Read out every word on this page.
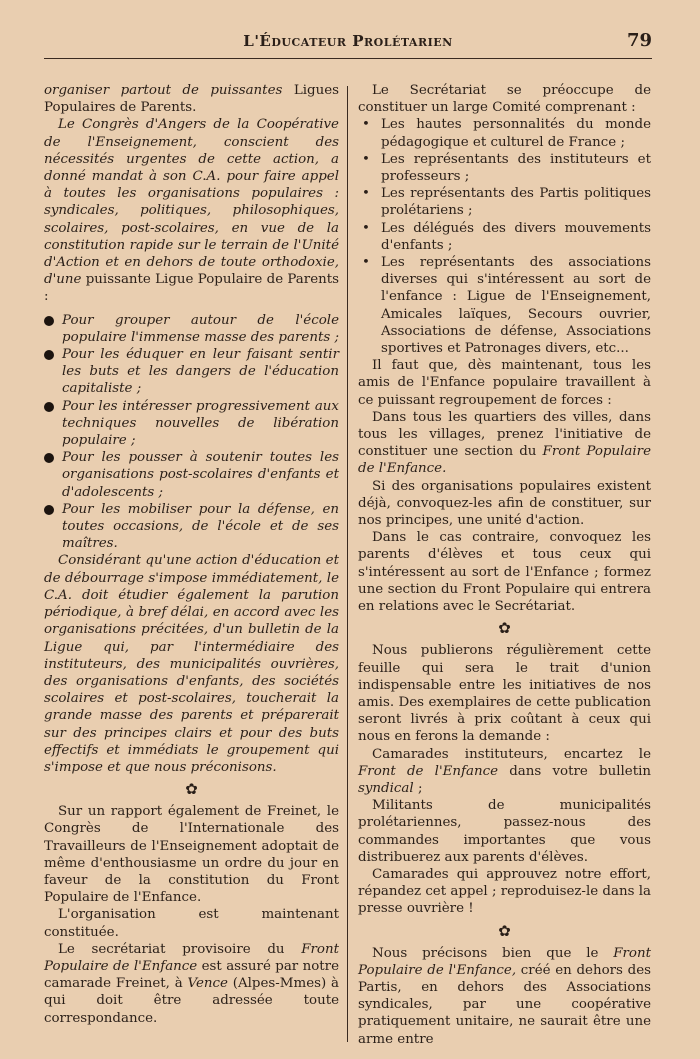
L'Éducateur Prolétarien	79

organiser partout de puissantes Ligues Populaires de Parents.

Le Congrès d'Angers de la Coopérative de l'Enseignement, conscient des nécessités urgentes de cette action, a donné mandat à son C.A. pour faire appel à toutes les organisations populaires : syndicales, politiques, philosophiques, scolaires, post-scolaires, en vue de la constitution rapide sur le terrain de l'Unité d'Action et en dehors de toute orthodoxie, d'une puissante Ligue Populaire de Parents :

Pour grouper autour de l'école populaire l'immense masse des parents ;
Pour les éduquer en leur faisant sentir les buts et les dangers de l'éducation capitaliste ;
Pour les intéresser progressivement aux techniques nouvelles de libération populaire ;
Pour les pousser à soutenir toutes les organisations post-scolaires d'enfants et d'adolescents ;
Pour les mobiliser pour la défense, en toutes occasions, de l'école et de ses maîtres.

Considérant qu'une action d'éducation et de débourrage s'impose immédiatement, le C.A. doit étudier également la parution périodique, à bref délai, en accord avec les organisations précitées, d'un bulletin de la Ligue qui, par l'intermédiaire des instituteurs, des municipalités ouvrières, des organisations d'enfants, des sociétés scolaires et post-scolaires, toucherait la grande masse des parents et préparerait sur des principes clairs et pour des buts effectifs et immédiats le groupement qui s'impose et que nous préconisons.

✿

Sur un rapport également de Freinet, le Congrès de l'Internationale des Travailleurs de l'Enseignement adoptait de même d'enthousiasme un ordre du jour en faveur de la constitution du Front Populaire de l'Enfance.

L'organisation est maintenant constituée.

Le secrétariat provisoire du Front Populaire de l'Enfance est assuré par notre camarade Freinet, à Vence (Alpes-Mmes) à qui doit être adressée toute correspondance.

Le Secrétariat se préoccupe de constituer un large Comité comprenant :

• Les hautes personnalités du monde pédagogique et culturel de France ;
• Les représentants des instituteurs et professeurs ;
• Les représentants des Partis politiques prolétariens ;
• Les délégués des divers mouvements d'enfants ;
• Les représentants des associations diverses qui s'intéressent au sort de l'enfance : Ligue de l'Enseignement, Amicales laïques, Secours ouvrier, Associations de défense, Associations sportives et Patronages divers, etc...

Il faut que, dès maintenant, tous les amis de l'Enfance populaire travaillent à ce puissant regroupement de forces :

Dans tous les quartiers des villes, dans tous les villages, prenez l'initiative de constituer une section du Front Populaire de l'Enfance.

Si des organisations populaires existent déjà, convoquez-les afin de constituer, sur nos principes, une unité d'action.

Dans le cas contraire, convoquez les parents d'élèves et tous ceux qui s'intéressent au sort de l'Enfance ; formez une section du Front Populaire qui entrera en relations avec le Secrétariat.

✿

Nous publierons régulièrement cette feuille qui sera le trait d'union indispensable entre les initiatives de nos amis. Des exemplaires de cette publication seront livrés à prix coûtant à ceux qui nous en ferons la demande :

Camarades instituteurs, encartez le Front de l'Enfance dans votre bulletin syndical ;

Militants de municipalités prolétariennes, passez-nous des commandes importantes que vous distribuerez aux parents d'élèves.

Camarades qui approuvez notre effort, répandez cet appel ; reproduisez-le dans la presse ouvrière !

✿

Nous précisons bien que le Front Populaire de l'Enfance, créé en dehors des Partis, en dehors des Associations syndicales, par une coopérative pratiquement unitaire, ne saurait être une arme entre
